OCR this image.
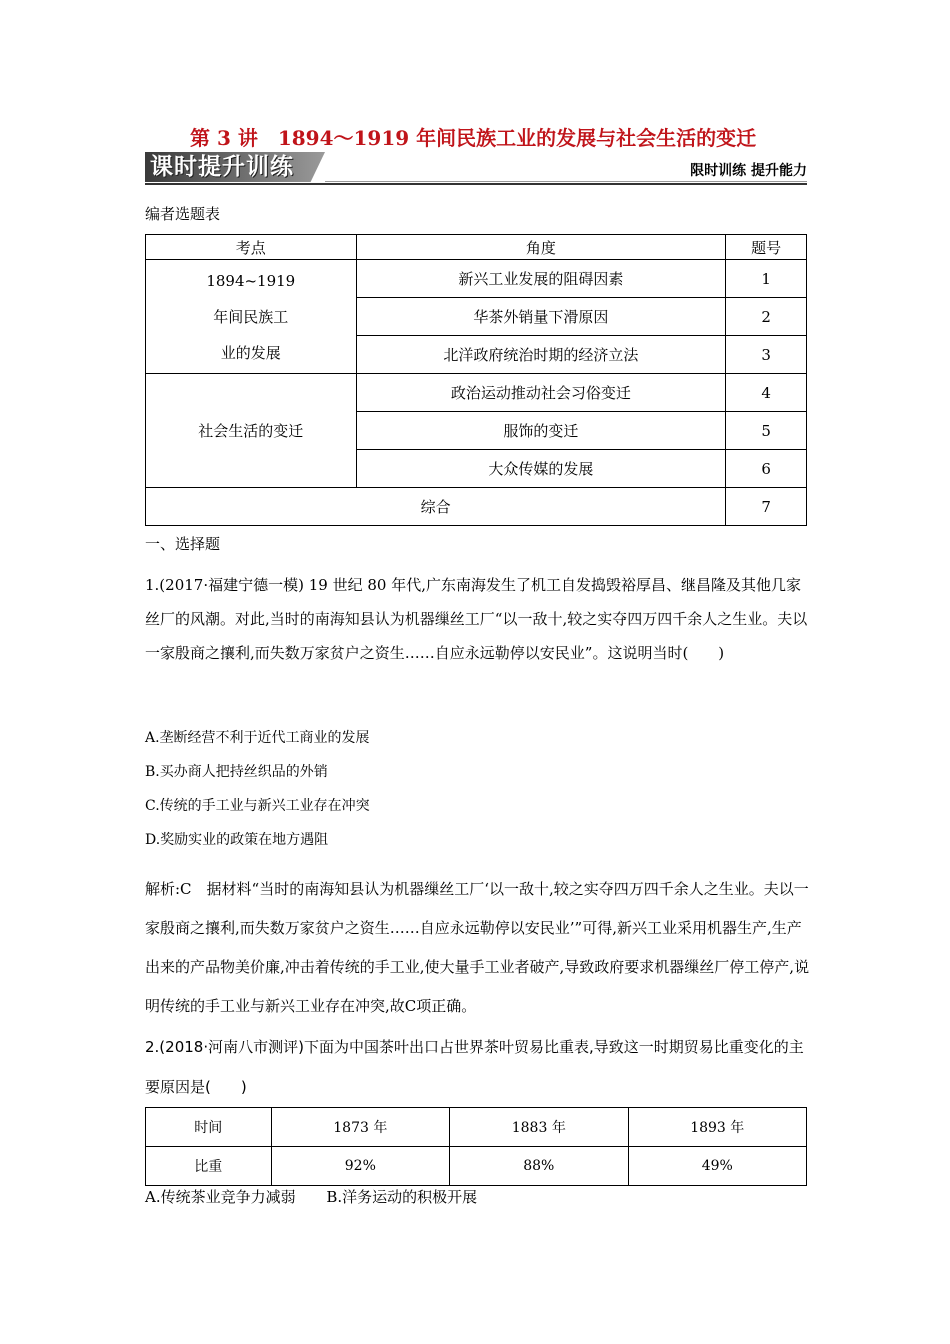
第 3 讲　1894～1919 年间民族工业的发展与社会生活的变迁
课时提升训练	限时训练 提升能力
编者选题表
考点	角度	题号

1894~1919
年间民族工
业的发展	新兴工业发展的阻碍因素	1
	华茶外销量下滑原因	2
	北洋政府统治时期的经济立法	3

社会生活的变迁	政治运动推动社会习俗变迁	4
	服饰的变迁	5
	大众传媒的发展	6
综合		7
一、选择题
1.(2017·福建宁德一模) 19 世纪 80 年代,广东南海发生了机工自发捣毁裕厚昌、继昌隆及其他几家丝厂的风潮。对此,当时的南海知县认为机器缫丝工厂“以一敌十,较之实夺四万四千余人之生业。夫以一家殷商之攘利,而失数万家贫户之资生……自应永远勒停以安民业”。这说明当时(　　)
A.垄断经营不利于近代工商业的发展
B.买办商人把持丝织品的外销
C.传统的手工业与新兴工业存在冲突
D.奖励实业的政策在地方遇阻
解析:C　据材料“当时的南海知县认为机器缫丝工厂‘以一敌十,较之实夺四万四千余人之生业。夫以一家殷商之攘利,而失数万家贫户之资生……自应永远勒停以安民业’”可得,新兴工业采用机器生产,生产出来的产品物美价廉,冲击着传统的手工业,使大量手工业者破产,导致政府要求机器缫丝厂停工停产,说明传统的手工业与新兴工业存在冲突,故C项正确。
2.(2018·河南八市测评)下面为中国茶叶出口占世界茶叶贸易比重表,导致这一时期贸易比重变化的主要原因是(　　)
时间	1873 年	1883 年	1893 年
比重	92%	88%	49%
A.传统茶业竞争力减弱 B.洋务运动的积极开展
